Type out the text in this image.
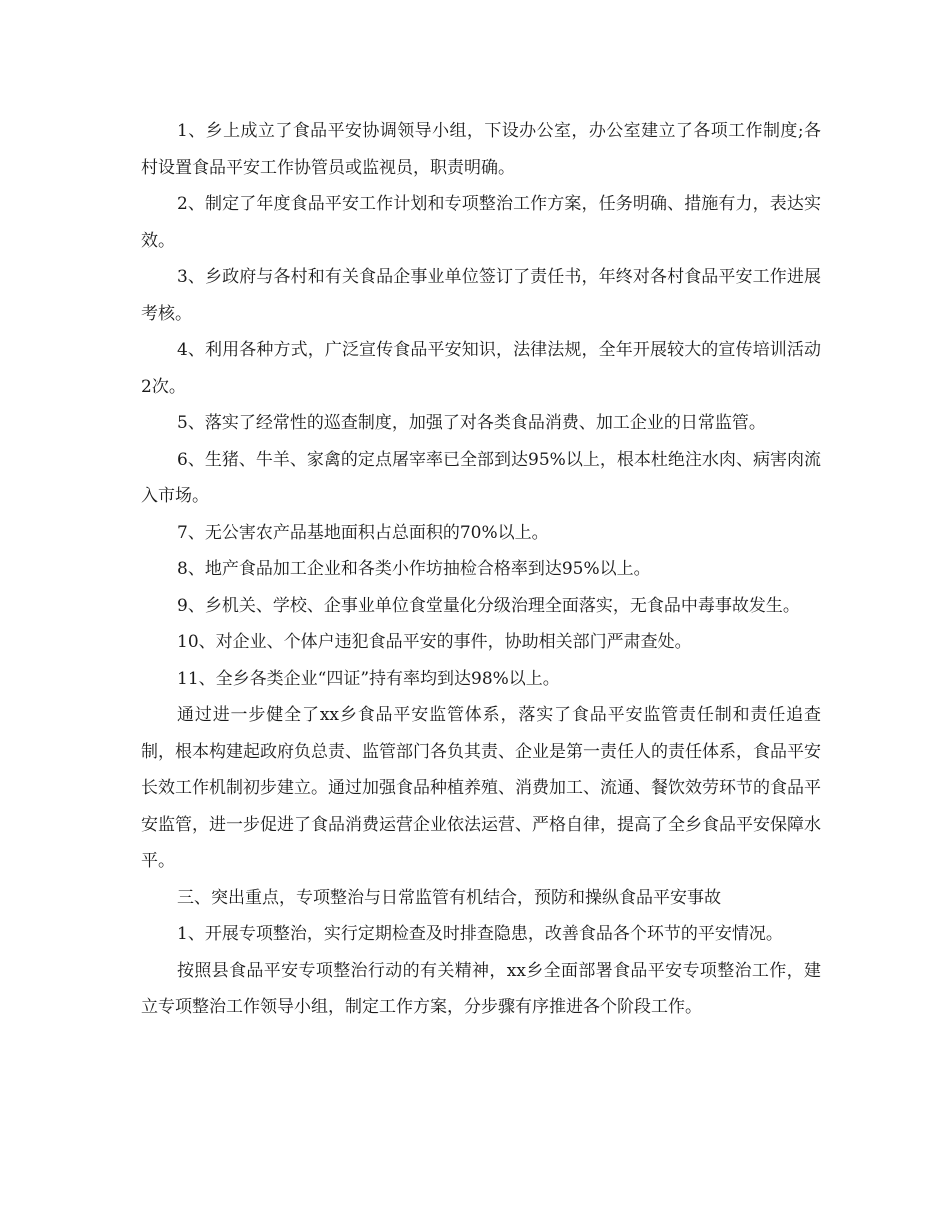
1、乡上成立了食品平安协调领导小组，下设办公室，办公室建立了各项工作制度;各村设置食品平安工作协管员或监视员，职责明确。

2、制定了年度食品平安工作计划和专项整治工作方案，任务明确、措施有力，表达实效。

3、乡政府与各村和有关食品企事业单位签订了责任书，年终对各村食品平安工作进展考核。

4、利用各种方式，广泛宣传食品平安知识，法律法规，全年开展较大的宣传培训活动2次。

5、落实了经常性的巡查制度，加强了对各类食品消费、加工企业的日常监管。

6、生猪、牛羊、家禽的定点屠宰率已全部到达95%以上，根本杜绝注水肉、病害肉流入市场。

7、无公害农产品基地面积占总面积的70%以上。

8、地产食品加工企业和各类小作坊抽检合格率到达95%以上。

9、乡机关、学校、企事业单位食堂量化分级治理全面落实，无食品中毒事故发生。

10、对企业、个体户违犯食品平安的事件，协助相关部门严肃查处。

11、全乡各类企业“四证”持有率均到达98%以上。

通过进一步健全了xx乡食品平安监管体系，落实了食品平安监管责任制和责任追查制，根本构建起政府负总责、监管部门各负其责、企业是第一责任人的责任体系，食品平安长效工作机制初步建立。通过加强食品种植养殖、消费加工、流通、餐饮效劳环节的食品平安监管，进一步促进了食品消费运营企业依法运营、严格自律，提高了全乡食品平安保障水平。

三、突出重点，专项整治与日常监管有机结合，预防和操纵食品平安事故

1、开展专项整治，实行定期检查及时排查隐患，改善食品各个环节的平安情况。

按照县食品平安专项整治行动的有关精神，xx乡全面部署食品平安专项整治工作，建立专项整治工作领导小组，制定工作方案，分步骤有序推进各个阶段工作。
